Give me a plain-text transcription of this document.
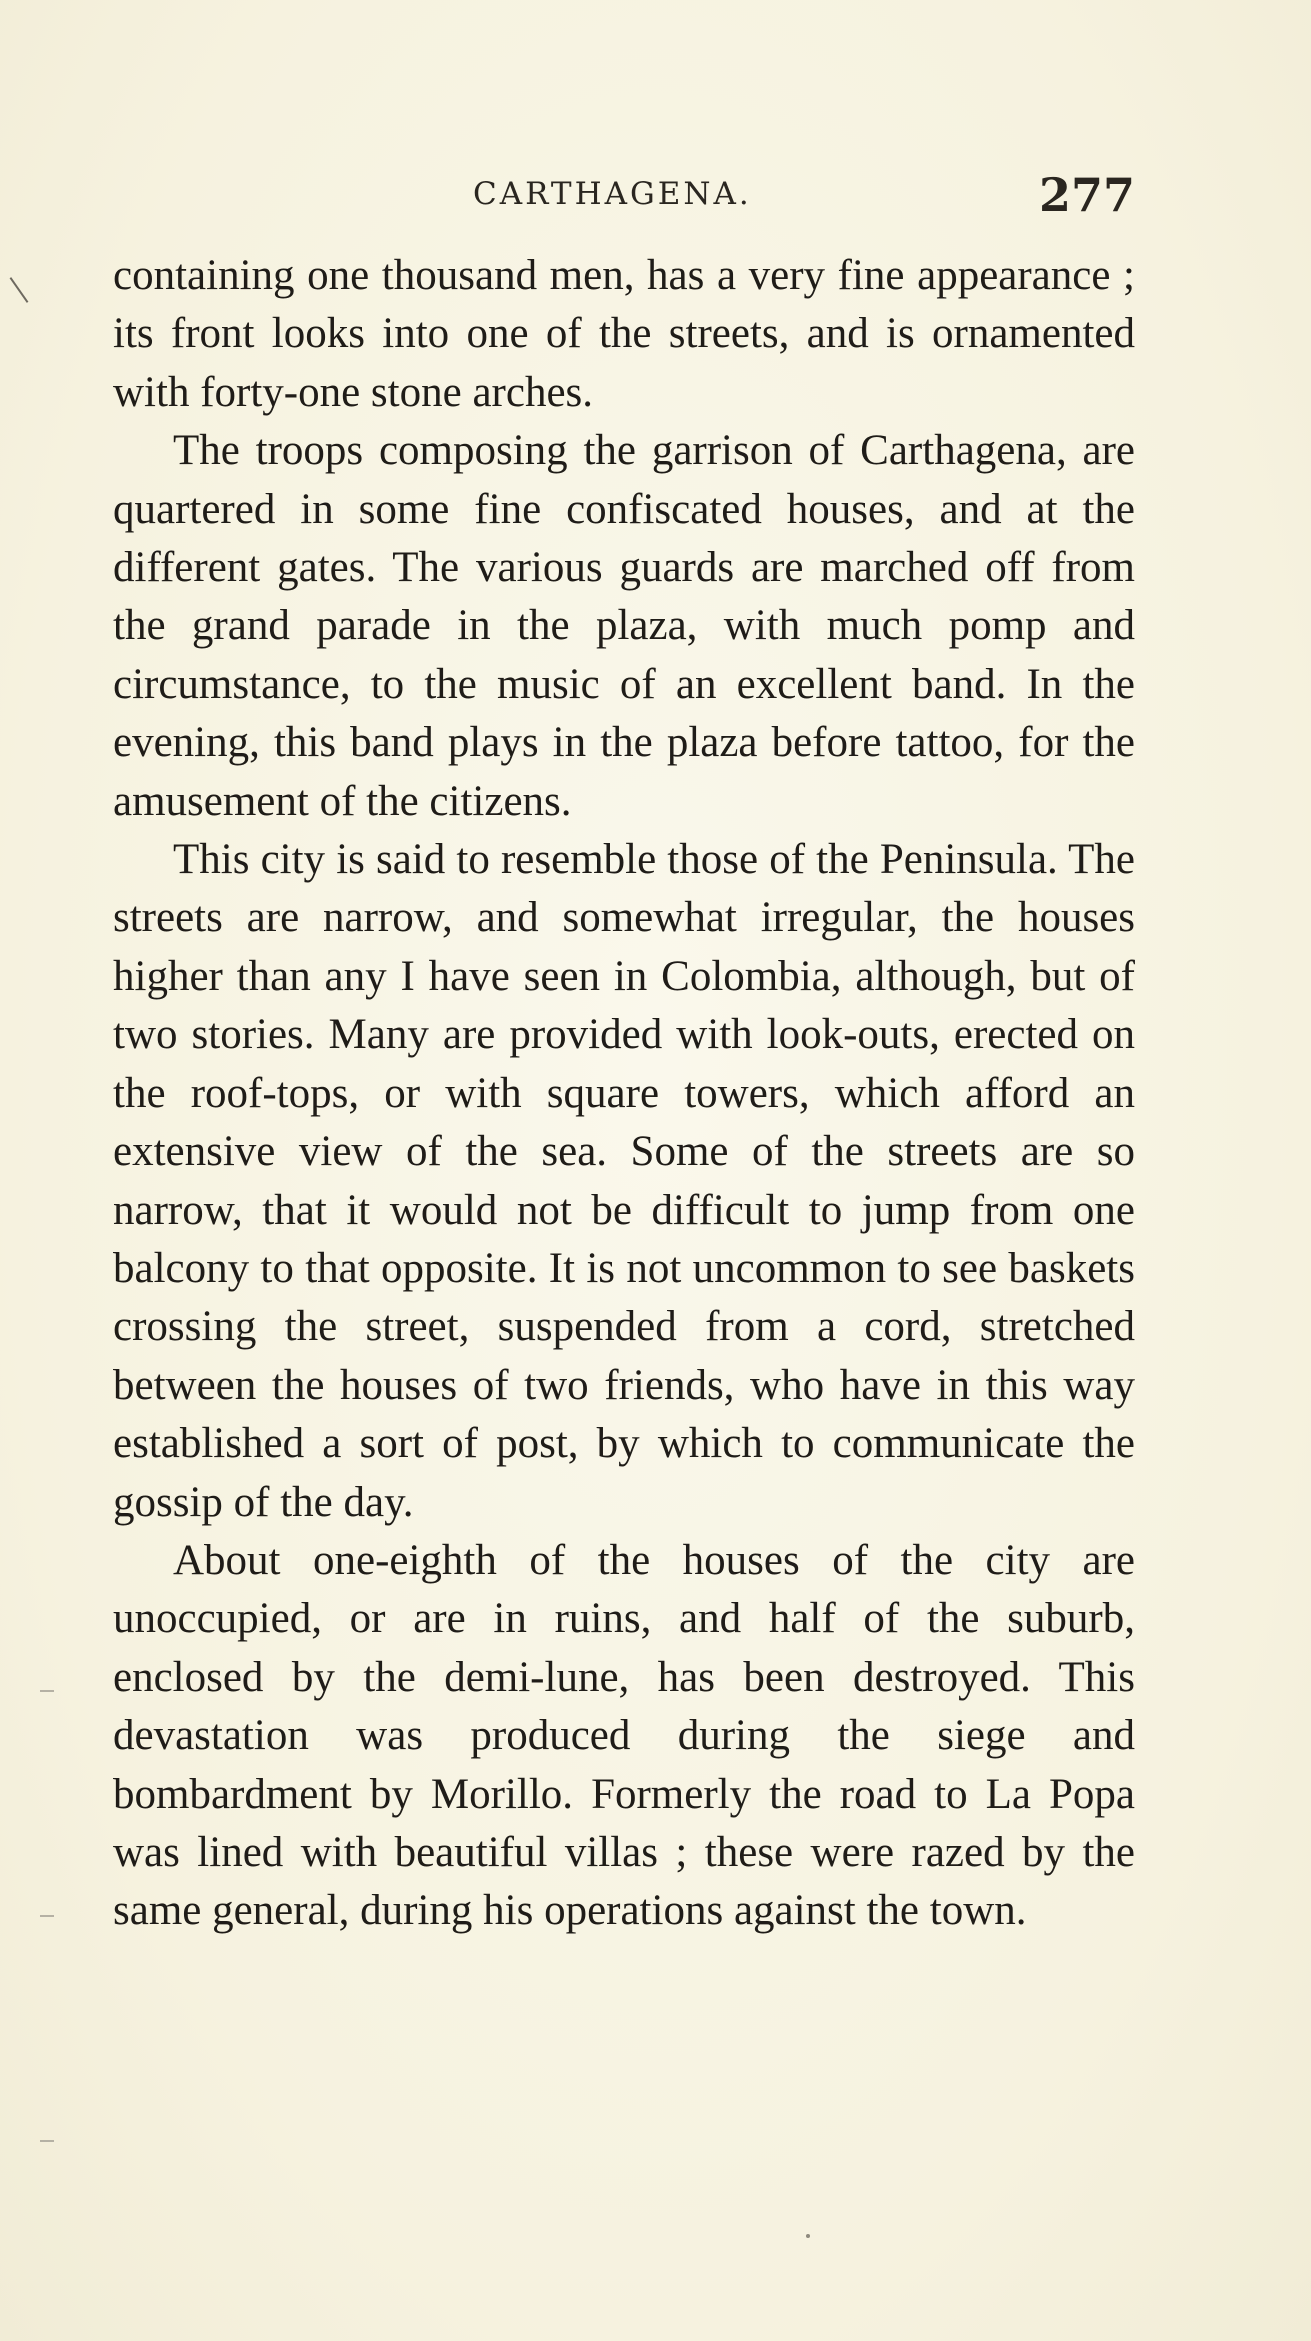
CARTHAGENA.	277

containing one thousand men, has a very fine appearance ; its front looks into one of the streets, and is ornamented with forty-one stone arches.

The troops composing the garrison of Carthagena, are quartered in some fine confiscated houses, and at the different gates. The various guards are marched off from the grand parade in the plaza, with much pomp and circumstance, to the music of an excellent band. In the evening, this band plays in the plaza before tattoo, for the amusement of the citizens.

This city is said to resemble those of the Peninsula. The streets are narrow, and somewhat irregular, the houses higher than any I have seen in Colombia, although, but of two stories. Many are provided with look-outs, erected on the roof-tops, or with square towers, which afford an extensive view of the sea. Some of the streets are so narrow, that it would not be difficult to jump from one balcony to that opposite. It is not uncommon to see baskets crossing the street, suspended from a cord, stretched between the houses of two friends, who have in this way established a sort of post, by which to communicate the gossip of the day.

About one-eighth of the houses of the city are unoccupied, or are in ruins, and half of the suburb, enclosed by the demi-lune, has been destroyed. This devastation was produced during the siege and bombardment by Morillo. Formerly the road to La Popa was lined with beautiful villas ; these were razed by the same general, during his operations against the town.
